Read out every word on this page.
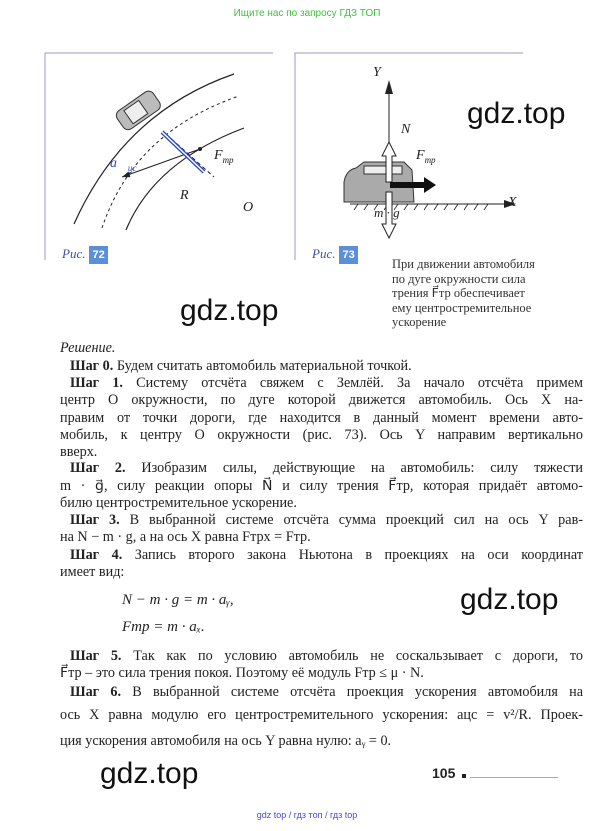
Ищите нас по запросу ГДЗ ТОП
$a_{цс}$
$F_{тр}$
R
O
Рис. 72
Y
X
N
$F_{тр}$
m · g
Рис. 73
При движении автомобиля
по дуге окружности сила
трения F⃗тр обеспечивает
ему центростремительное
ускорение
gdz.top
gdz.top
gdz.top
gdz.top
Решение.
Шаг 0. Будем считать автомобиль материальной точкой.
Шаг 1. Систему отсчёта свяжем с Землёй. За начало отсчёта примем
центр O окружности, по дуге которой движется автомобиль. Ось X на-
правим от точки дороги, где находится в данный момент времени авто-
мобиль, к центру O окружности (рис. 73). Ось Y направим вертикально
вверх.
Шаг 2. Изобразим силы, действующие на автомобиль: силу тяжести
m · g⃗, силу реакции опоры N⃗ и силу трения F⃗тр, которая придаёт автомо-
билю центростремительное ускорение.
Шаг 3. В выбранной системе отсчёта сумма проекций сил на ось Y рав-
на N − m · g, а на ось X равна Fтрx = Fтр.
Шаг 4. Запись второго закона Ньютона в проекциях на оси координат
имеет вид:
Шаг 5. Так как по условию автомобиль не соскальзывает с дороги, то
F⃗тр – это сила трения покоя. Поэтому её модуль Fтр ≤ μ · N.
Шаг 6. В выбранной системе отсчёта проекция ускорения автомобиля на
ось X равна модулю его центростремительного ускорения: aцс = v²/R. Проек-
ция ускорения автомобиля на ось Y равна нулю: aᵧ = 0.
N − m · g = m · aᵧ,
Fтр = m · aₓ.
105
gdz top / гдз топ / гдз top
